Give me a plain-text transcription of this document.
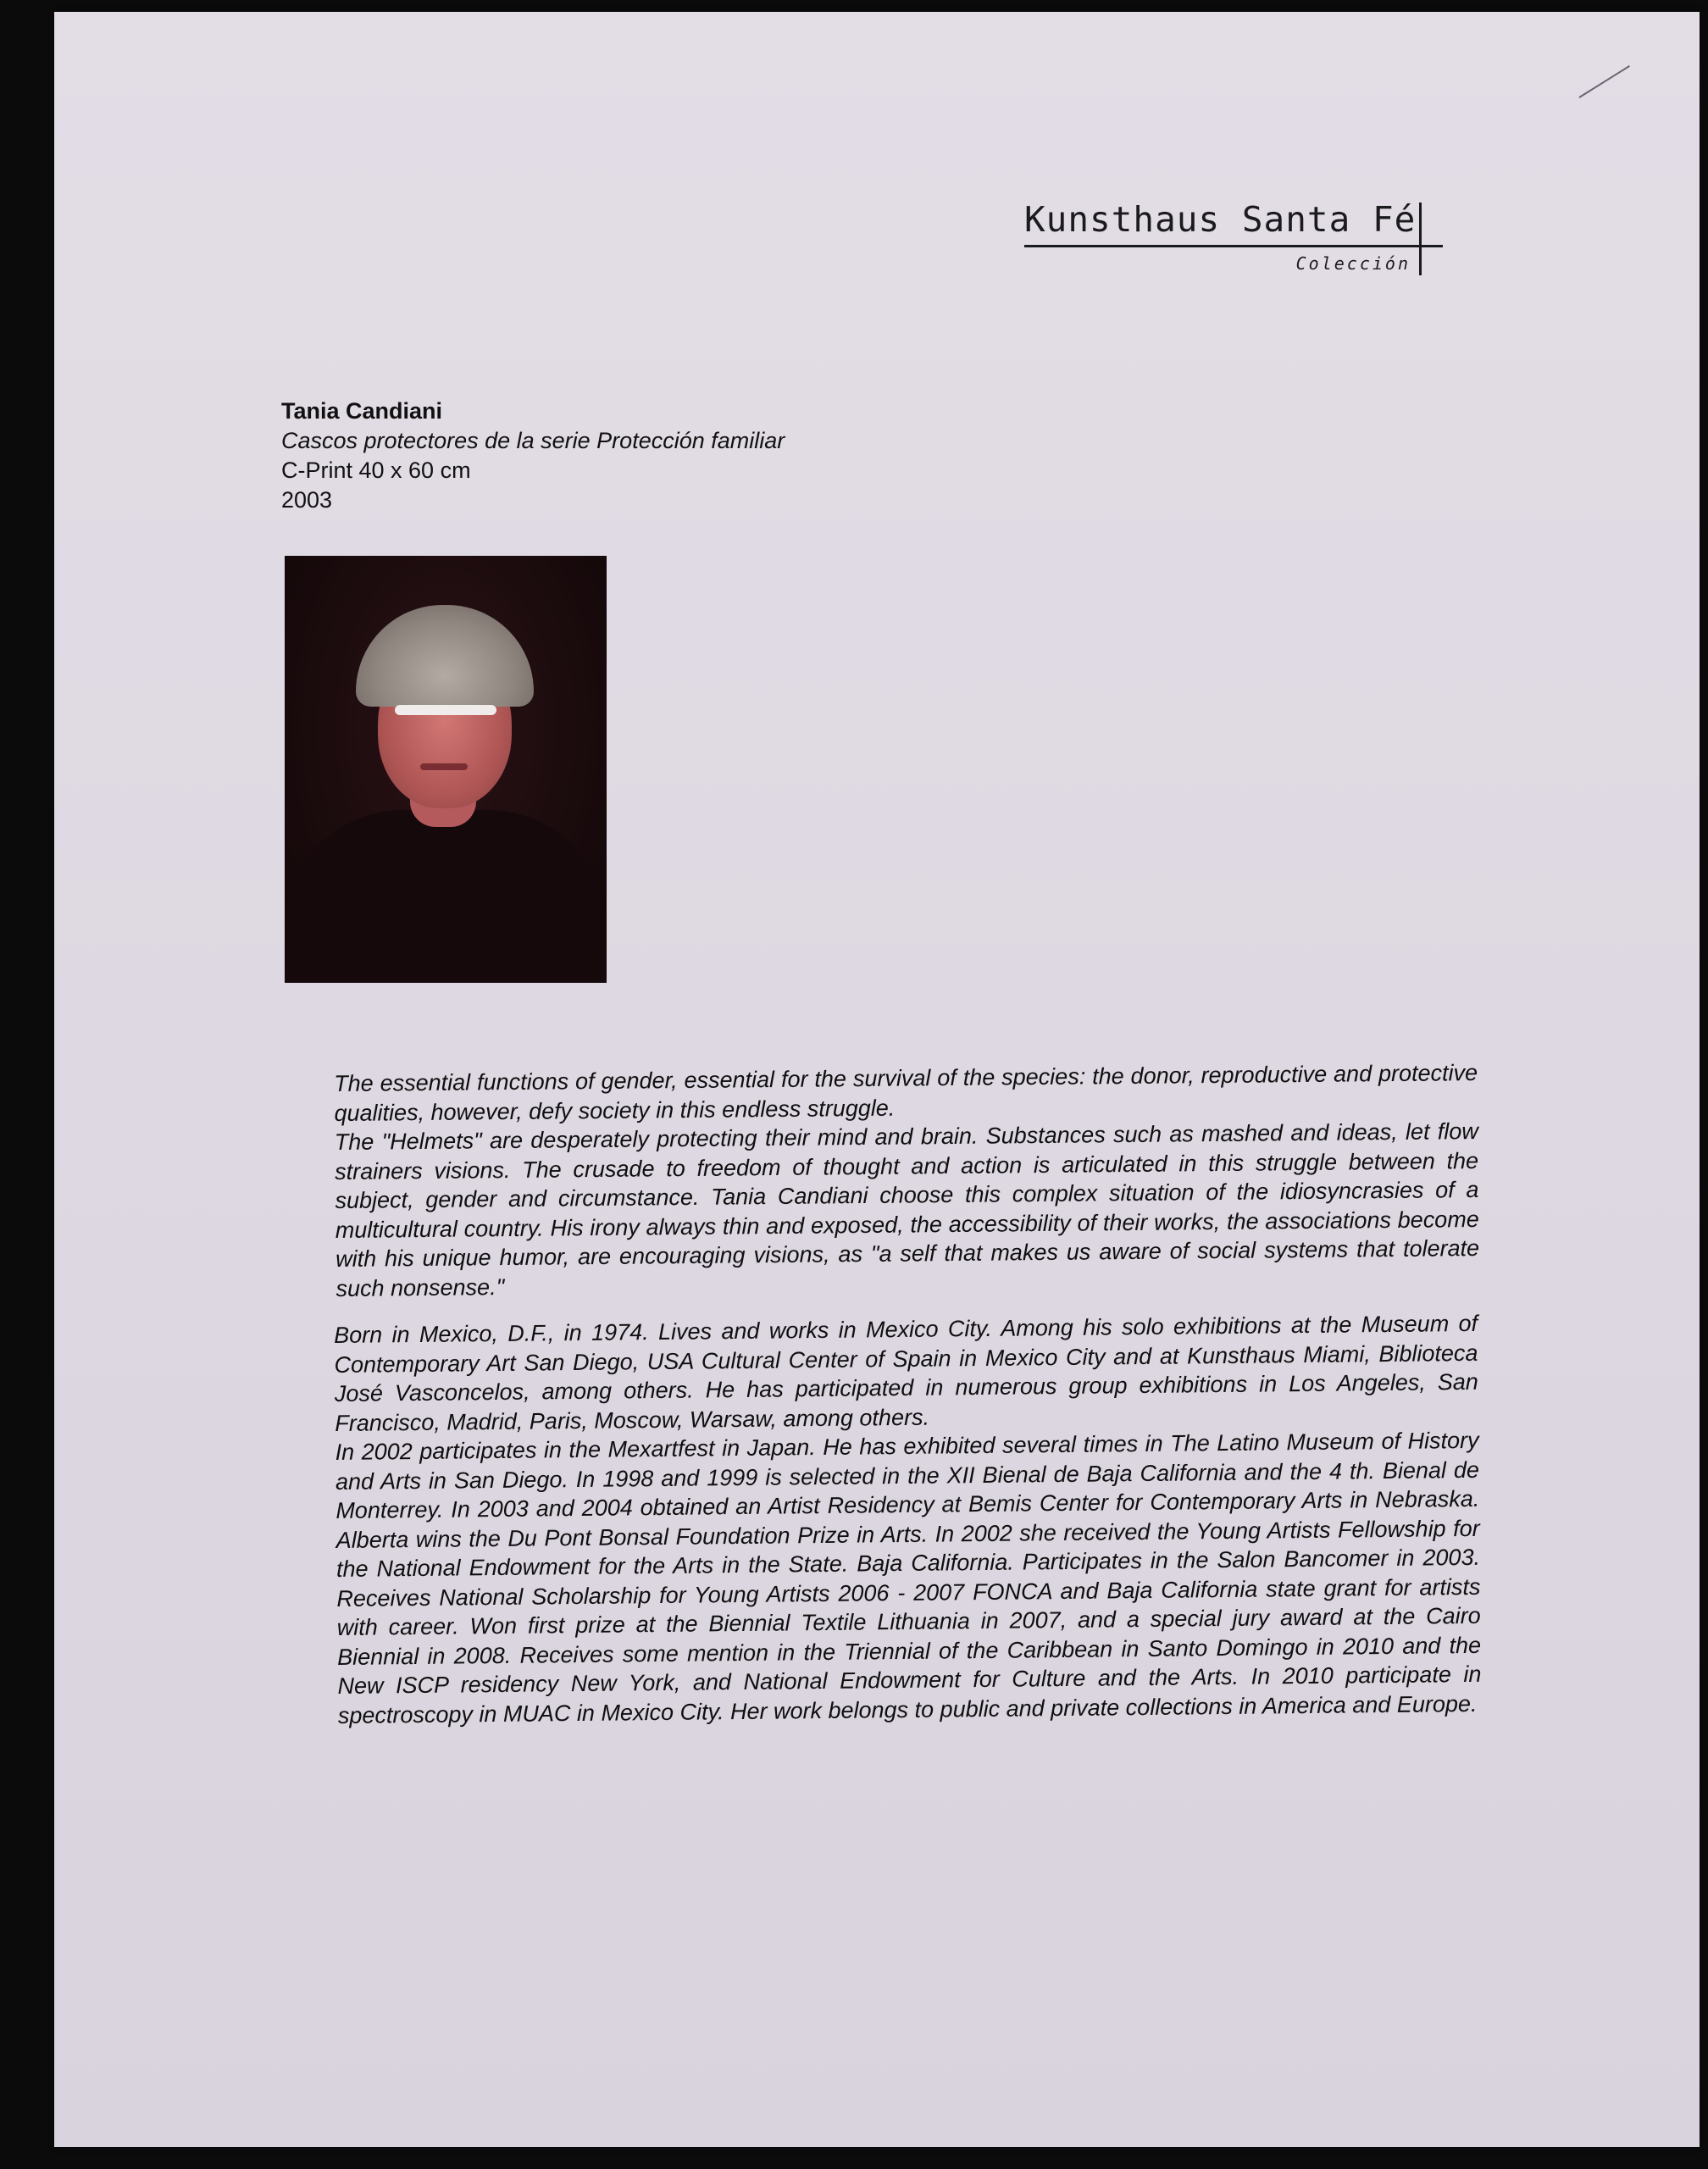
Kunsthaus Santa Fé
Colección
Tania Candiani
Cascos protectores de la serie Protección familiar
C-Print 40 x 60 cm
2003

The essential functions of gender, essential for the survival of the species: the donor, reproductive and protective qualities, however, defy society in this endless struggle.

The "Helmets" are desperately protecting their mind and brain. Substances such as mashed and ideas, let flow strainers visions. The crusade to freedom of thought and action is articulated in this struggle between the subject, gender and circumstance. Tania Candiani choose this complex situation of the idiosyncrasies of a multicultural country. His irony always thin and exposed, the accessibility of their works, the associations become with his unique humor, are encouraging visions, as "a self that makes us aware of social systems that tolerate such nonsense."

Born in Mexico, D.F., in 1974. Lives and works in Mexico City. Among his solo exhibitions at the Museum of Contemporary Art San Diego, USA Cultural Center of Spain in Mexico City and at Kunsthaus Miami, Biblioteca José Vasconcelos, among others. He has participated in numerous group exhibitions in Los Angeles, San Francisco, Madrid, Paris, Moscow, Warsaw, among others.

In 2002 participates in the Mexartfest in Japan. He has exhibited several times in The Latino Museum of History and Arts in San Diego. In 1998 and 1999 is selected in the XII Bienal de Baja California and the 4 th. Bienal de Monterrey. In 2003 and 2004 obtained an Artist Residency at Bemis Center for Contemporary Arts in Nebraska. Alberta wins the Du Pont Bonsal Foundation Prize in Arts. In 2002 she received the Young Artists Fellowship for the National Endowment for the Arts in the State. Baja California. Participates in the Salon Bancomer in 2003. Receives National Scholarship for Young Artists 2006 - 2007 FONCA and Baja California state grant for artists with career. Won first prize at the Biennial Textile Lithuania in 2007, and a special jury award at the Cairo Biennial in 2008. Receives some mention in the Triennial of the Caribbean in Santo Domingo in 2010 and the New ISCP residency New York, and National Endowment for Culture and the Arts. In 2010 participate in spectroscopy in MUAC in Mexico City. Her work belongs to public and private collections in America and Europe.
